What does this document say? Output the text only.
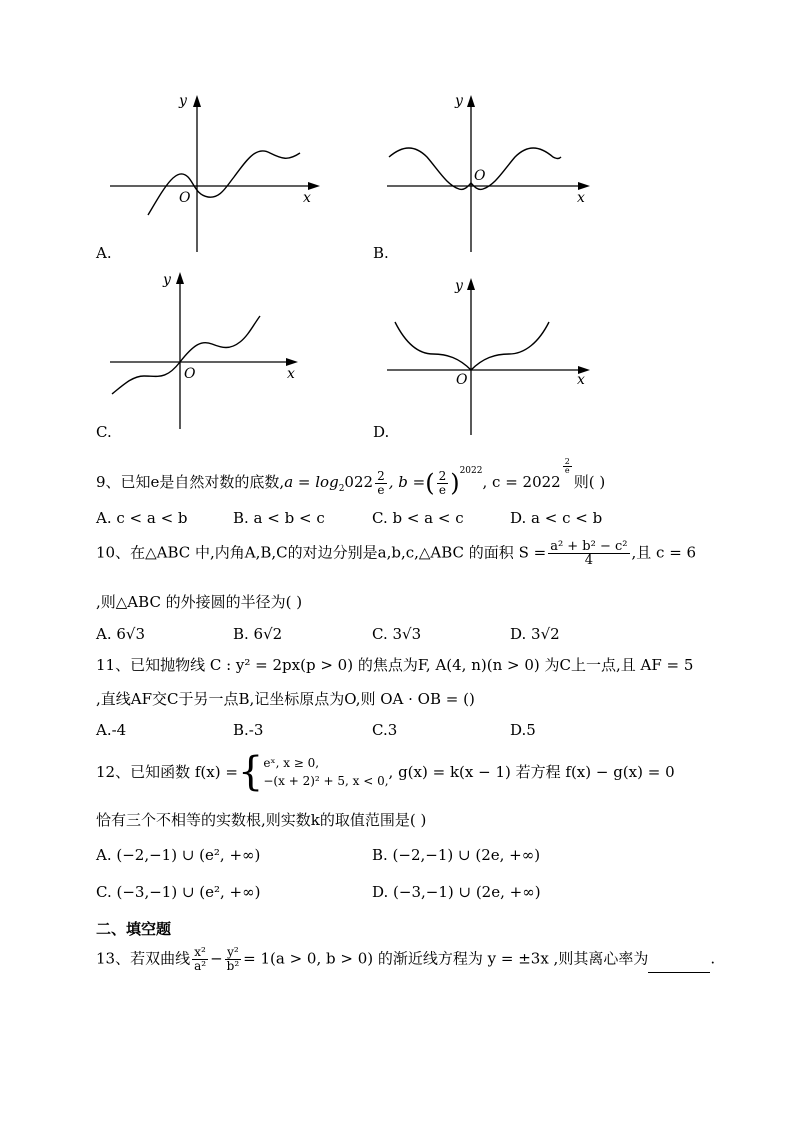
y
x
O
A.
y
x
O
B.
y
x
O
C.
y
x
O
D.
9、已知e是自然对数的底数$,a = \log_2022 \frac{2}{e}$ , b =( $\frac{2}{e} )^{2022}$, c = 2022
$\frac{2}{e}$
则( )
A. c < a < b	B. a < b < c	C. b < a < c	D. a < c < b
10、在△ABC 中,内角A,B,C的对边分别是a,b,c,△ABC 的面积 $S = \frac{\text{a² + b² − c²}}{4}$ ,且 c = 6
,则△ABC 的外接圆的半径为( )
A. 6√3	B. 6√2	C. 3√3	D. 3√2
11、已知抛物线 C : y² = 2px(p > 0) 的焦点为F, A(4, n)(n > 0) 为C上一点,且 AF = 5
,直线AF交C于另一点B,记坐标原点为O,则 OA · OB = ()
A.-4	B.-3	C.3	D.5
12、已知函数 f(x) ={ eˣ, x ≥ 0,
−(x + 2)² + 5, x < 0, , g(x) = k(x − 1) 若方程 f(x) − g(x) = 0
恰有三个不相等的实数根,则实数k的取值范围是( )
A. (−2,−1) ∪ (e², +∞)	B. (−2,−1) ∪ (2e, +∞)
C. (−3,−1) ∪ (e², +∞)	D. (−3,−1) ∪ (2e, +∞)
二、填空题
13、若双曲线 $\frac{\text{x²}}{\text{a²}} - \frac{\text{y²}}{\text{b²}} = 1(a > 0$, b > 0) 的渐近线方程为 y = ±3x ,则其离心率为	.
